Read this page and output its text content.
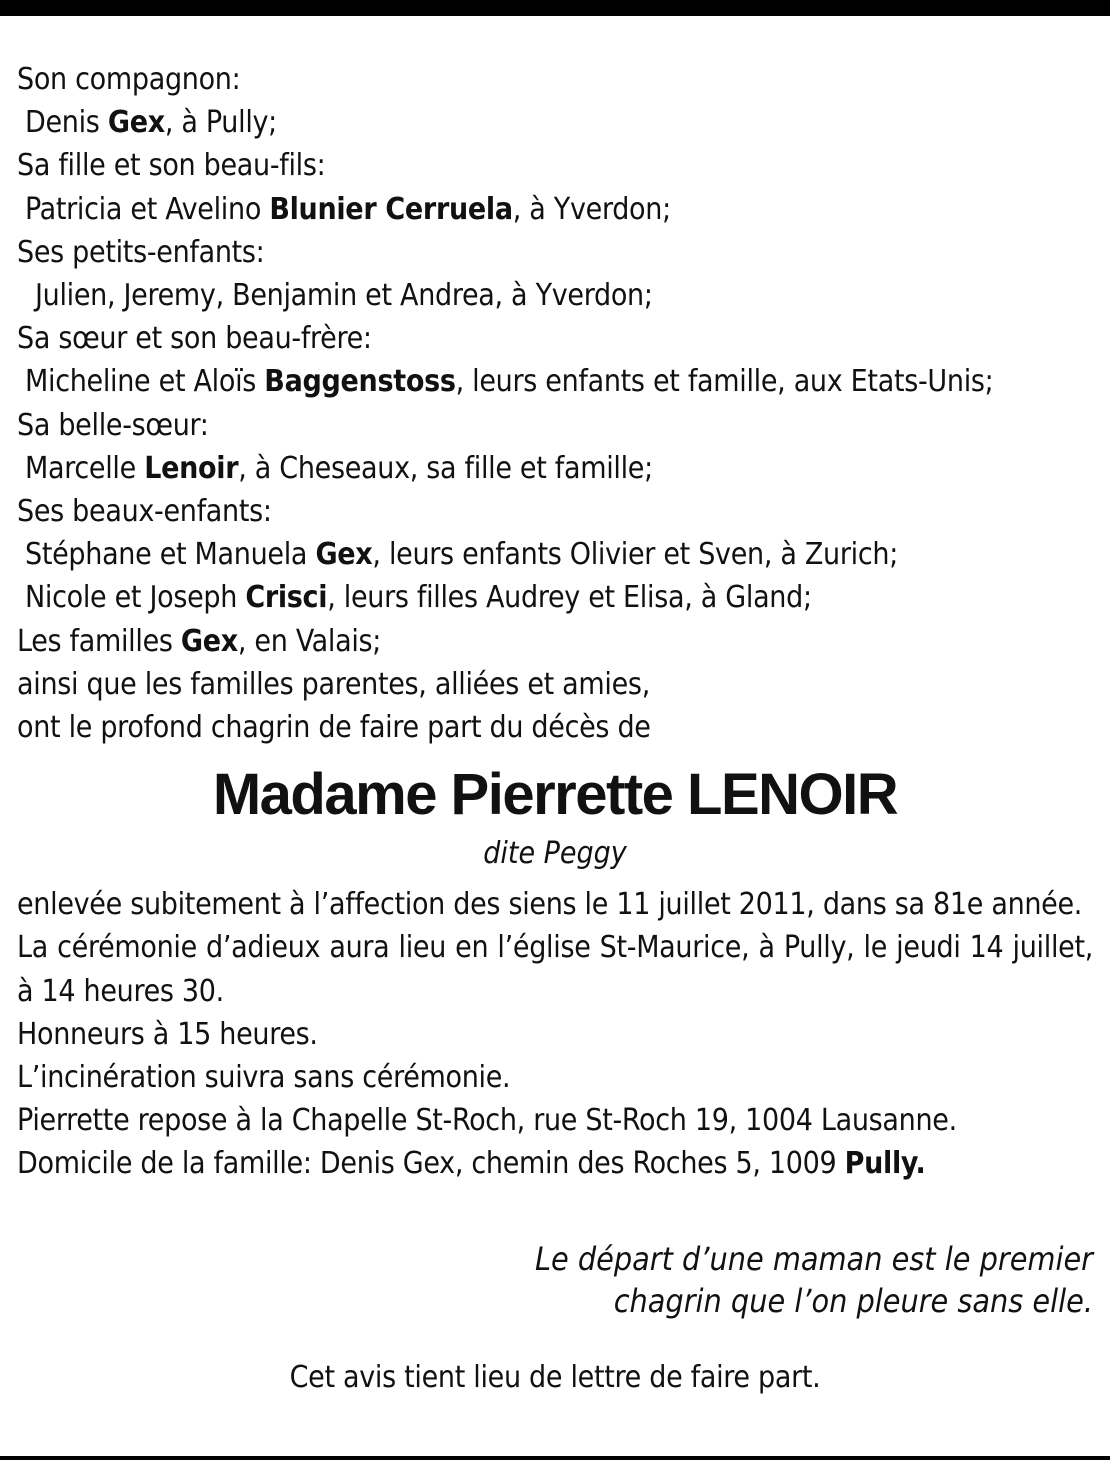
Son compagnon:
Denis Gex, à Pully;
Sa fille et son beau-fils:
Patricia et Avelino Blunier Cerruela, à Yverdon;
Ses petits-enfants:
Julien, Jeremy, Benjamin et Andrea, à Yverdon;
Sa sœur et son beau-frère:
Micheline et Aloïs Baggenstoss, leurs enfants et famille, aux Etats-Unis;
Sa belle-sœur:
Marcelle Lenoir, à Cheseaux, sa fille et famille;
Ses beaux-enfants:
Stéphane et Manuela Gex, leurs enfants Olivier et Sven, à Zurich;
Nicole et Joseph Crisci, leurs filles Audrey et Elisa, à Gland;
Les familles Gex, en Valais;
ainsi que les familles parentes, alliées et amies,
ont le profond chagrin de faire part du décès de
Madame Pierrette LENOIR
dite Peggy
enlevée subitement à l’affection des siens le 11 juillet 2011, dans sa 81e année.
La cérémonie d’adieux aura lieu en l’église St-Maurice, à Pully, le jeudi 14 juillet, à 14 heures 30.
Honneurs à 15 heures.
L’incinération suivra sans cérémonie.
Pierrette repose à la Chapelle St-Roch, rue St-Roch 19, 1004 Lausanne.
Domicile de la famille: Denis Gex, chemin des Roches 5, 1009 Pully.
Le départ d’une maman est le premier
chagrin que l’on pleure sans elle.
Cet avis tient lieu de lettre de faire part.
